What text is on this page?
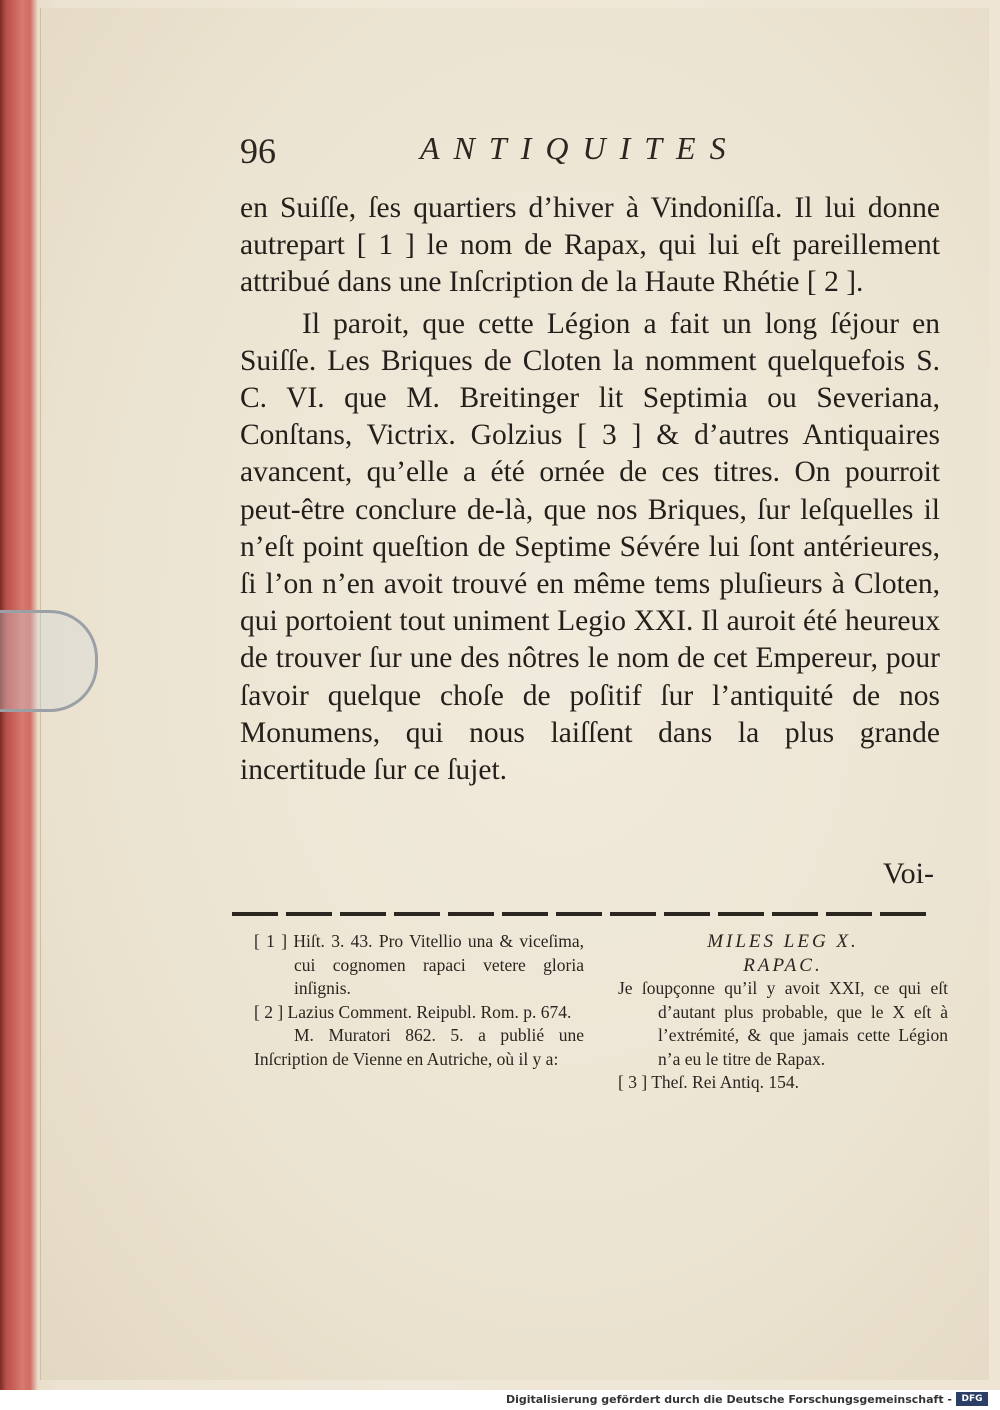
96	ANTIQUITES

en Suiſſe, ſes quartiers d’hiver à Vindoniſſa. Il lui donne autrepart [ 1 ] le nom de Rapax, qui lui eſt pareillement attribué dans une Inſcription de la Haute Rhétie [ 2 ].

Il paroit, que cette Légion a fait un long ſéjour en Suiſſe. Les Briques de Cloten la nomment quelquefois S. C. VI. que M. Breitinger lit Septimia ou Severiana, Conſtans, Victrix. Golzius [ 3 ] & d’autres Antiquaires avancent, qu’elle a été ornée de ces titres. On pourroit peut-être conclure de-là, que nos Briques, ſur leſquelles il n’eſt point queſtion de Septime Sévére lui ſont antérieures, ſi l’on n’en avoit trouvé en même tems pluſieurs à Cloten, qui portoient tout uniment Legio XXI. Il auroit été heureux de trouver ſur une des nôtres le nom de cet Empereur, pour ſavoir quelque choſe de poſitif ſur l’antiquité de nos Monumens, qui nous laiſſent dans la plus grande incertitude ſur ce ſujet.

Voi-

[ 1 ] Hiſt. 3. 43. Pro Vitellio una & viceſima, cui cognomen rapaci vetere gloria inſignis.

[ 2 ] Lazius Comment. Reipubl. Rom. p. 674.

M. Muratori 862. 5. a publié une Inſcription de Vienne en Autriche, où il y a:

MILES LEG X.

RAPAC.

Je ſoupçonne qu’il y avoit XXI, ce qui eſt d’autant plus probable, que le X eſt à l’extrémité, & que jamais cette Légion n’a eu le titre de Rapax.

[ 3 ] Theſ. Rei Antiq. 154.

Digitalisierung gefördert durch die Deutsche Forschungsgemeinschaft -	DFG
